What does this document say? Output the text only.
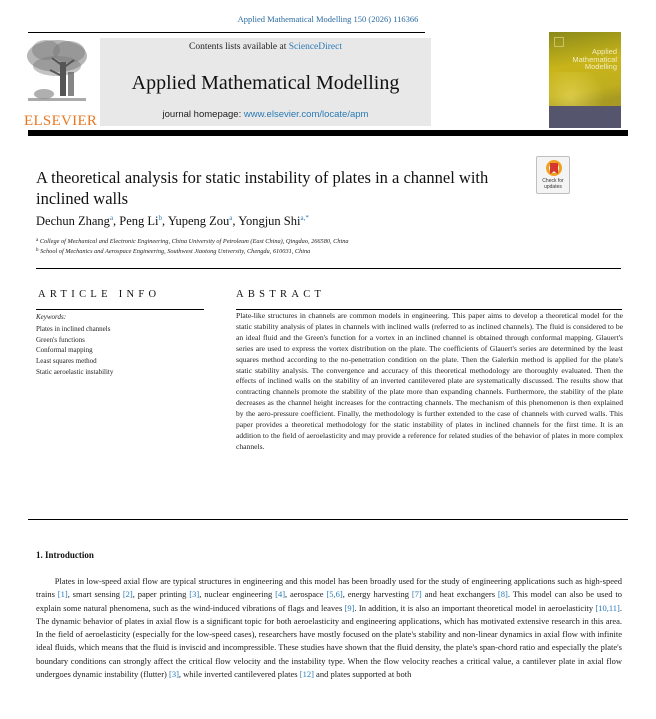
Applied Mathematical Modelling 150 (2026) 116366
ELSEVIER
Contents lists available at ScienceDirect
Applied Mathematical Modelling
journal homepage: www.elsevier.com/locate/apm
Applied
Mathematical
Modelling
A theoretical analysis for static instability of plates in a channel with inclined walls
Check for
updates
Dechun Zhang$^a$, Peng Li$^b$, Yupeng Zou$^a$, Yongjun Shi$^{a,*}$
$^a$ College of Mechanical and Electronic Engineering, China University of Petroleum (East China), Qingdao, 266580, China
$^b$ School of Mechanics and Aerospace Engineering, Southwest Jiaotong University, Chengdu, 610031, China
ARTICLE INFO
Keywords:
Plates in inclined channels
Green's functions
Conformal mapping
Least squares method
Static aeroelastic instability
ABSTRACT

Plate-like structures in channels are common models in engineering. This paper aims to develop a theoretical model for the static stability analysis of plates in channels with inclined walls (referred to as inclined channels). The fluid is considered to be an ideal fluid and the Green's function for a vortex in an inclined channel is obtained through conformal mapping. Glauert's series are used to express the vortex distribution on the plate. The coefficients of Glauert's series are determined by the least squares method according to the no-penetration condition on the plate. Then the Galerkin method is applied for the plate's static stability analysis. The convergence and accuracy of this theoretical methodology are thoroughly evaluated. Then the effects of inclined walls on the stability of an inverted cantilevered plate are systematically discussed. The results show that contracting channels promote the stability of the plate more than expanding channels. Furthermore, the stability of the plate decreases as the channel height increases for the contracting channels. The mechanism of this phenomenon is then explained by the aero-pressure coefficient. Finally, the methodology is further extended to the case of channels with curved walls. This paper provides a theoretical methodology for the static instability of plates in inclined channels for the first time. It is an addition to the field of aeroelasticity and may provide a reference for related studies of the behavior of plates in more complex channels.

1. Introduction

Plates in low-speed axial flow are typical structures in engineering and this model has been broadly used for the study of engineering applications such as high-speed trains [1], smart sensing [2], paper printing [3], nuclear engineering [4], aerospace [5,6], energy harvesting [7] and heat exchangers [8]. This model can also be used to explain some natural phenomena, such as the wind-induced vibrations of flags and leaves [9]. In addition, it is also an important theoretical model in aeroelasticity [10,11]. The dynamic behavior of plates in axial flow is a significant topic for both aeroelasticity and engineering applications, which has motivated extensive research in this area. In the field of aeroelasticity (especially for the low-speed cases), researchers have mostly focused on the plate's stability and non-linear dynamics in axial flow with infinite ideal fluids, which means that the fluid is inviscid and incompressible. These studies have shown that the fluid density, the plate's span-chord ratio and especially the plate's boundary conditions can strongly affect the critical flow velocity and the instability type. When the flow velocity reaches a critical value, a cantilever plate in axial flow undergoes dynamic instability (flutter) [3], while inverted cantilevered plates [12] and plates supported at both
